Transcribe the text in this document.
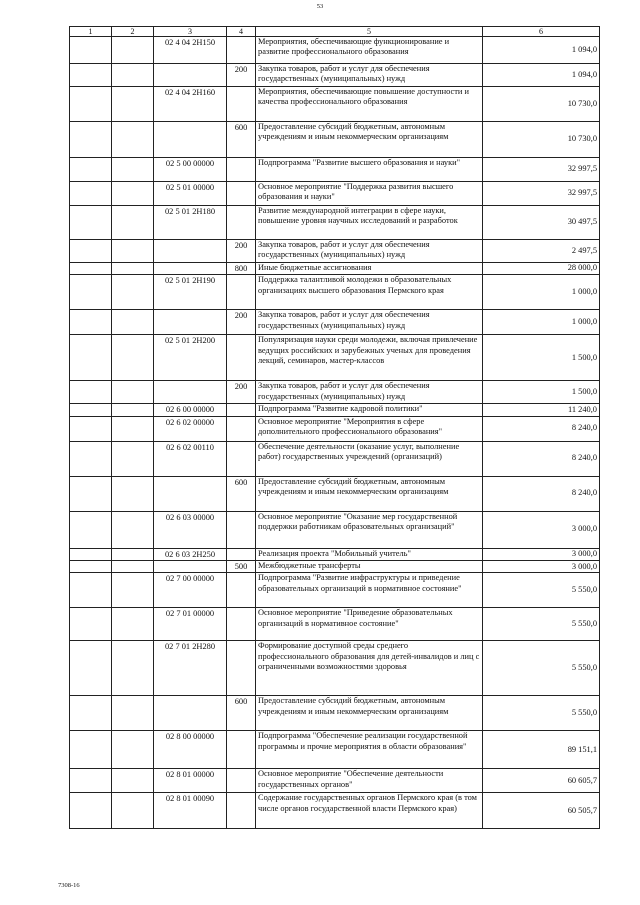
53
1	2	3	4	5	6
		02 4 04 2Н150		Мероприятия, обеспечивающие функционирование и развитие профессионального образования	1 094,0
			200	Закупка товаров, работ и услуг для обеспечения государственных (муниципальных) нужд	1 094,0
		02 4 04 2Н160		Мероприятия, обеспечивающие повышение доступности и качества профессионального образования	10 730,0
			600	Предоставление субсидий бюджетным, автономным учреждениям и иным некоммерческим организациям	10 730,0
		02 5 00 00000		Подпрограмма "Развитие высшего образования и науки"	32 997,5
		02 5 01 00000		Основное мероприятие "Поддержка развития высшего образования и науки"	32 997,5
		02 5 01 2Н180		Развитие международной интеграции в сфере науки, повышение уровня научных исследований и разработок	30 497,5
			200	Закупка товаров, работ и услуг для обеспечения государственных (муниципальных) нужд	2 497,5
			800	Иные бюджетные ассигнования	28 000,0
		02 5 01 2Н190		Поддержка талантливой молодежи в образовательных организациях высшего образования Пермского края	1 000,0
			200	Закупка товаров, работ и услуг для обеспечения государственных (муниципальных) нужд	1 000,0
		02 5 01 2Н200		Популяризация науки среди молодежи, включая привлечение ведущих российских и зарубежных ученых для проведения лекций, семинаров, мастер-классов	1 500,0
			200	Закупка товаров, работ и услуг для обеспечения государственных (муниципальных) нужд	1 500,0
		02 6 00 00000		Подпрограмма "Развитие кадровой политики"	11 240,0
		02 6 02 00000		Основное мероприятие "Мероприятия в сфере дополнительного профессионального образования"	8 240,0
		02 6 02 00110		Обеспечение деятельности (оказание услуг, выполнение работ) государственных учреждений (организаций)	8 240,0
			600	Предоставление субсидий бюджетным, автономным учреждениям и иным некоммерческим организациям	8 240,0
		02 6 03 00000		Основное мероприятие "Оказание мер государственной поддержки работникам образовательных организаций"	3 000,0
		02 6 03 2Н250		Реализация проекта "Мобильный учитель"	3 000,0
			500	Межбюджетные трансферты	3 000,0
		02 7 00 00000		Подпрограмма "Развитие инфраструктуры и приведение образовательных организаций в нормативное состояние"	5 550,0
		02 7 01 00000		Основное мероприятие "Приведение образовательных организаций в нормативное состояние"	5 550,0
		02 7 01 2Н280		Формирование доступной среды среднего профессионального образования для детей-инвалидов и лиц с ограниченными возможностями здоровья	5 550,0
			600	Предоставление субсидий бюджетным, автономным учреждениям и иным некоммерческим организациям	5 550,0
		02 8 00 00000		Подпрограмма "Обеспечение реализации государственной программы и прочие мероприятия в области образования"	89 151,1
		02 8 01 00000		Основное мероприятие "Обеспечение деятельности государственных органов"	60 605,7
		02 8 01 00090		Содержание государственных органов Пермского края (в том числе органов государственной власти Пермского края)	60 505,7
7308-16
